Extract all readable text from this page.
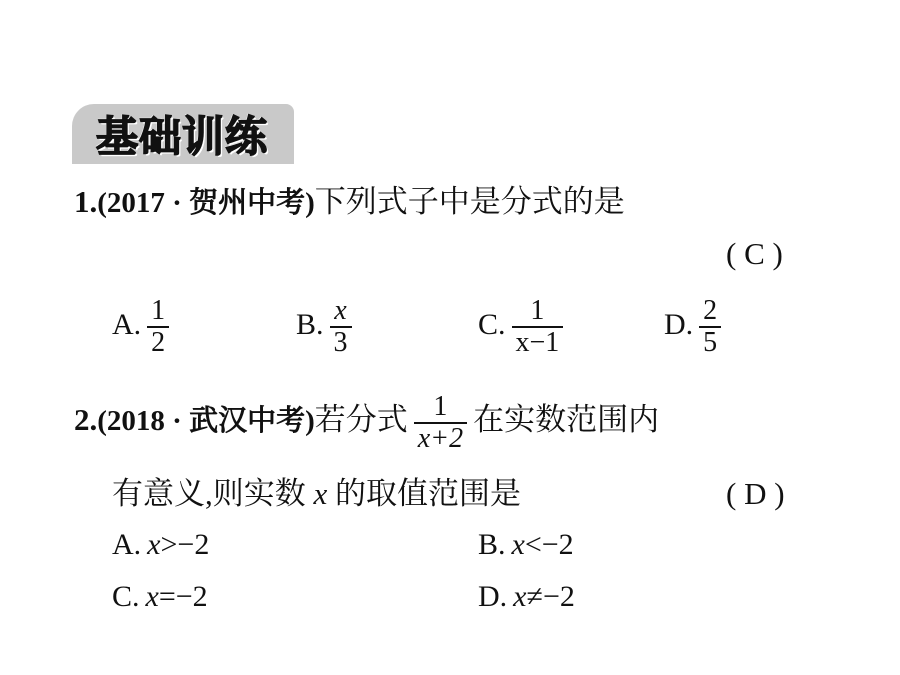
基础训练
1.(2017 · 贺州中考)下列式子中是分式的是
( C )
A. $\frac{1}{2}$	B. $\frac{x}{3}$	C. $\frac{1}{x-1}$	D. $\frac{2}{5}$
2.(2018 · 武汉中考)若分式 $\frac{1}{x+2}$ 在实数范围内
有意义,则实数 x 的取值范围是	( D )
A. x>−2	B. x<−2
C. x=−2	D. x≠−2
